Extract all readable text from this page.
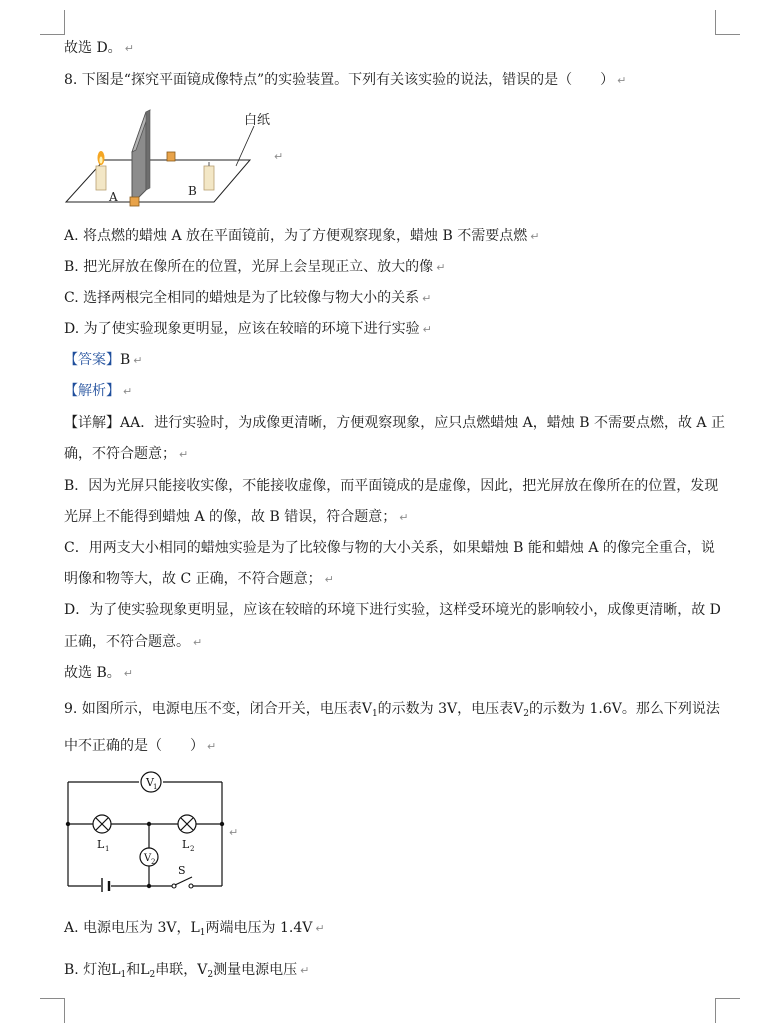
故选 D。 ↵
8. 下图是“探究平面镜成像特点”的实验装置。下列有关该实验的说法，错误的是（　　） ↵
白纸
A	B
↵
A. 将点燃的蜡烛 A 放在平面镜前，为了方便观察现象，蜡烛 B 不需要点燃 ↵
B. 把光屏放在像所在的位置，光屏上会呈现正立、放大的像 ↵
C. 选择两根完全相同的蜡烛是为了比较像与物大小的关系 ↵
D. 为了使实验现象更明显，应该在较暗的环境下进行实验 ↵
【答案】B ↵
【解析】 ↵
【详解】AA．进行实验时，为成像更清晰，方便观察现象，应只点燃蜡烛 A，蜡烛 B 不需要点燃，故 A 正
确，不符合题意； ↵
B．因为光屏只能接收实像，不能接收虚像，而平面镜成的是虚像，因此，把光屏放在像所在的位置，发现
光屏上不能得到蜡烛 A 的像，故 B 错误，符合题意； ↵
C．用两支大小相同的蜡烛实验是为了比较像与物的大小关系，如果蜡烛 B 能和蜡烛 A 的像完全重合，说
明像和物等大，故 C 正确，不符合题意； ↵
D．为了使实验现象更明显，应该在较暗的环境下进行实验，这样受环境光的影响较小，成像更清晰，故 D
正确，不符合题意。 ↵
故选 B。 ↵
9. 如图所示，电源电压不变，闭合开关，电压表$V_1$的示数为 3V，电压表$V_2$的示数为 1.6V。那么下列说法
中不正确的是（　　） ↵
V 1
L 1	L 2
V 2
S
↵
A. 电源电压为 3V，$L_1$两端电压为 1.4V ↵
B. 灯泡$L_1$和$L_2$串联，$V_2$测量电源电压 ↵
